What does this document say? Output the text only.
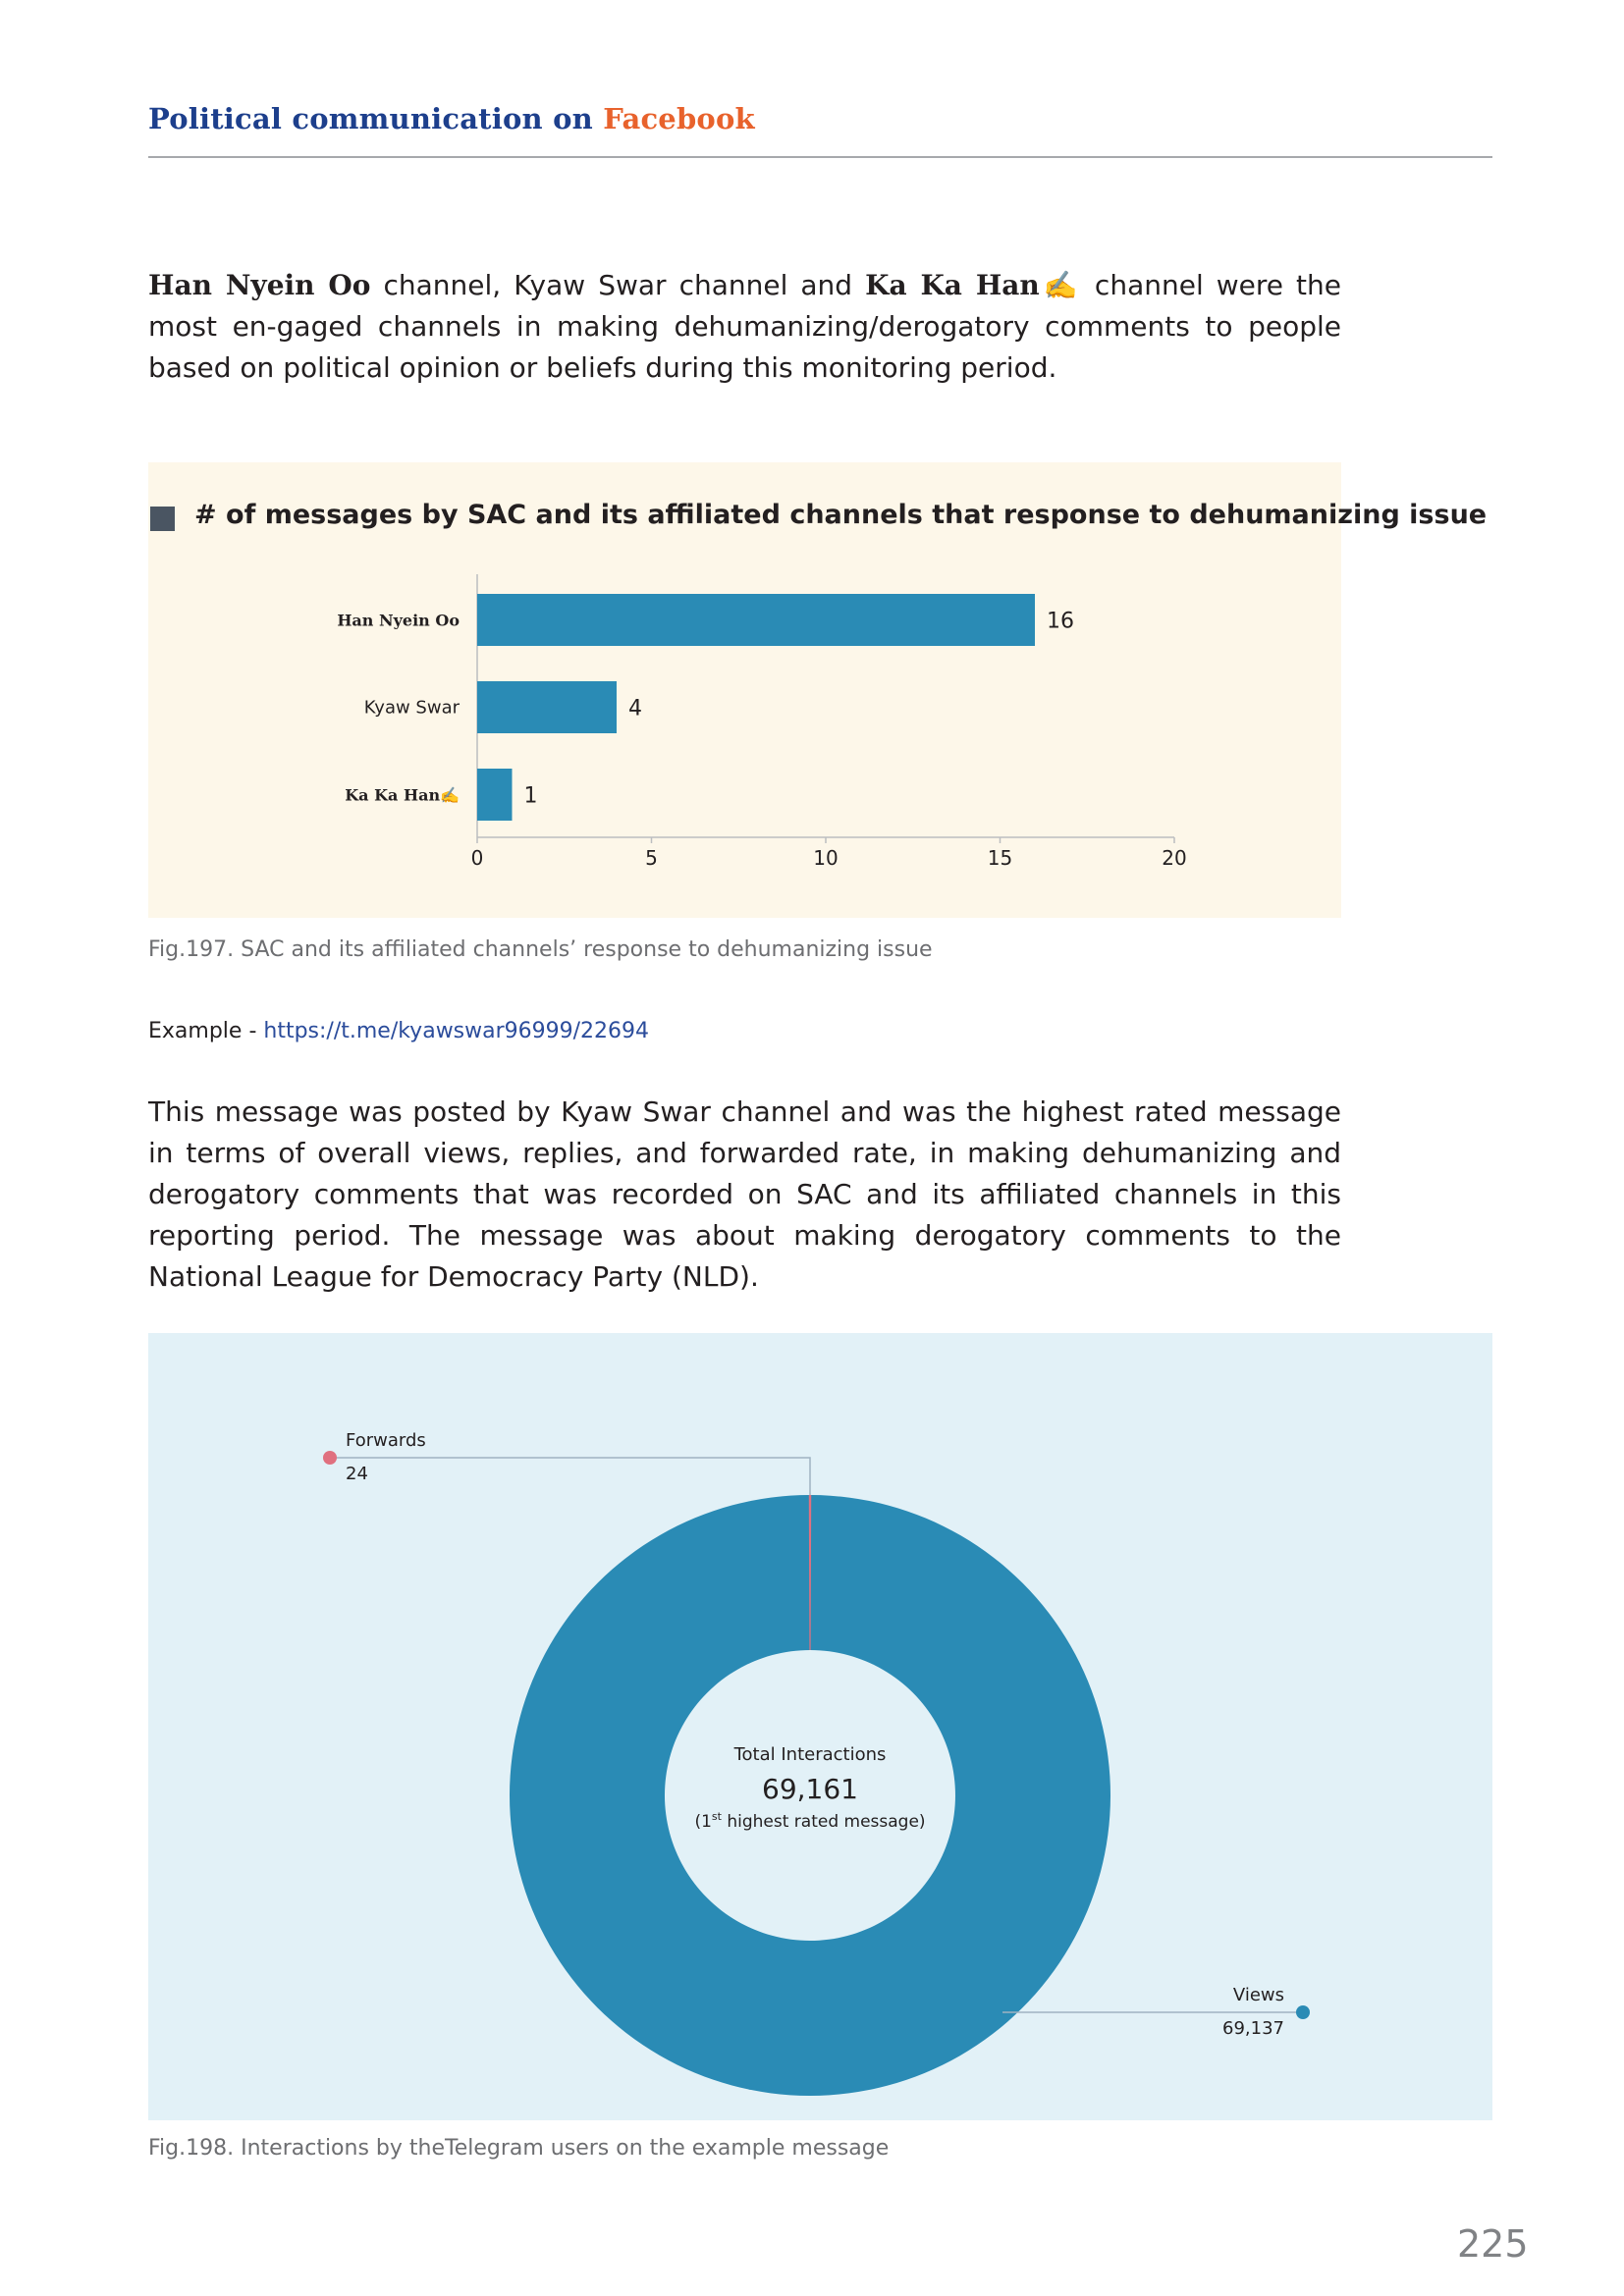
Political communication on Facebook
Han Nyein Oo channel, Kyaw Swar channel and Ka Ka Han✍ channel were the most en-gaged channels in making dehumanizing/derogatory comments to people based on political opinion or beliefs during this monitoring period.
# of messages by SAC and its affiliated channels that response to dehumanizing issue
Han Nyein Oo	16
Kyaw Swar	4
Ka Ka Han✍	1
0	5	10	15	20
Fig.197. SAC and its affiliated channels’ response to dehumanizing issue
Example - https://t.me/kyawswar96999/22694
This message was posted by Kyaw Swar channel and was the highest rated message in terms of overall views, replies, and forwarded rate, in making dehumanizing and derogatory comments that was recorded on SAC and its affiliated channels in this reporting period. The message was about making derogatory comments to the National League for Democracy Party (NLD).
Forwards
24
Views
69,137
Total Interactions
69,161
(1st highest rated message)
Fig.198. Interactions by theTelegram users on the example message
225
